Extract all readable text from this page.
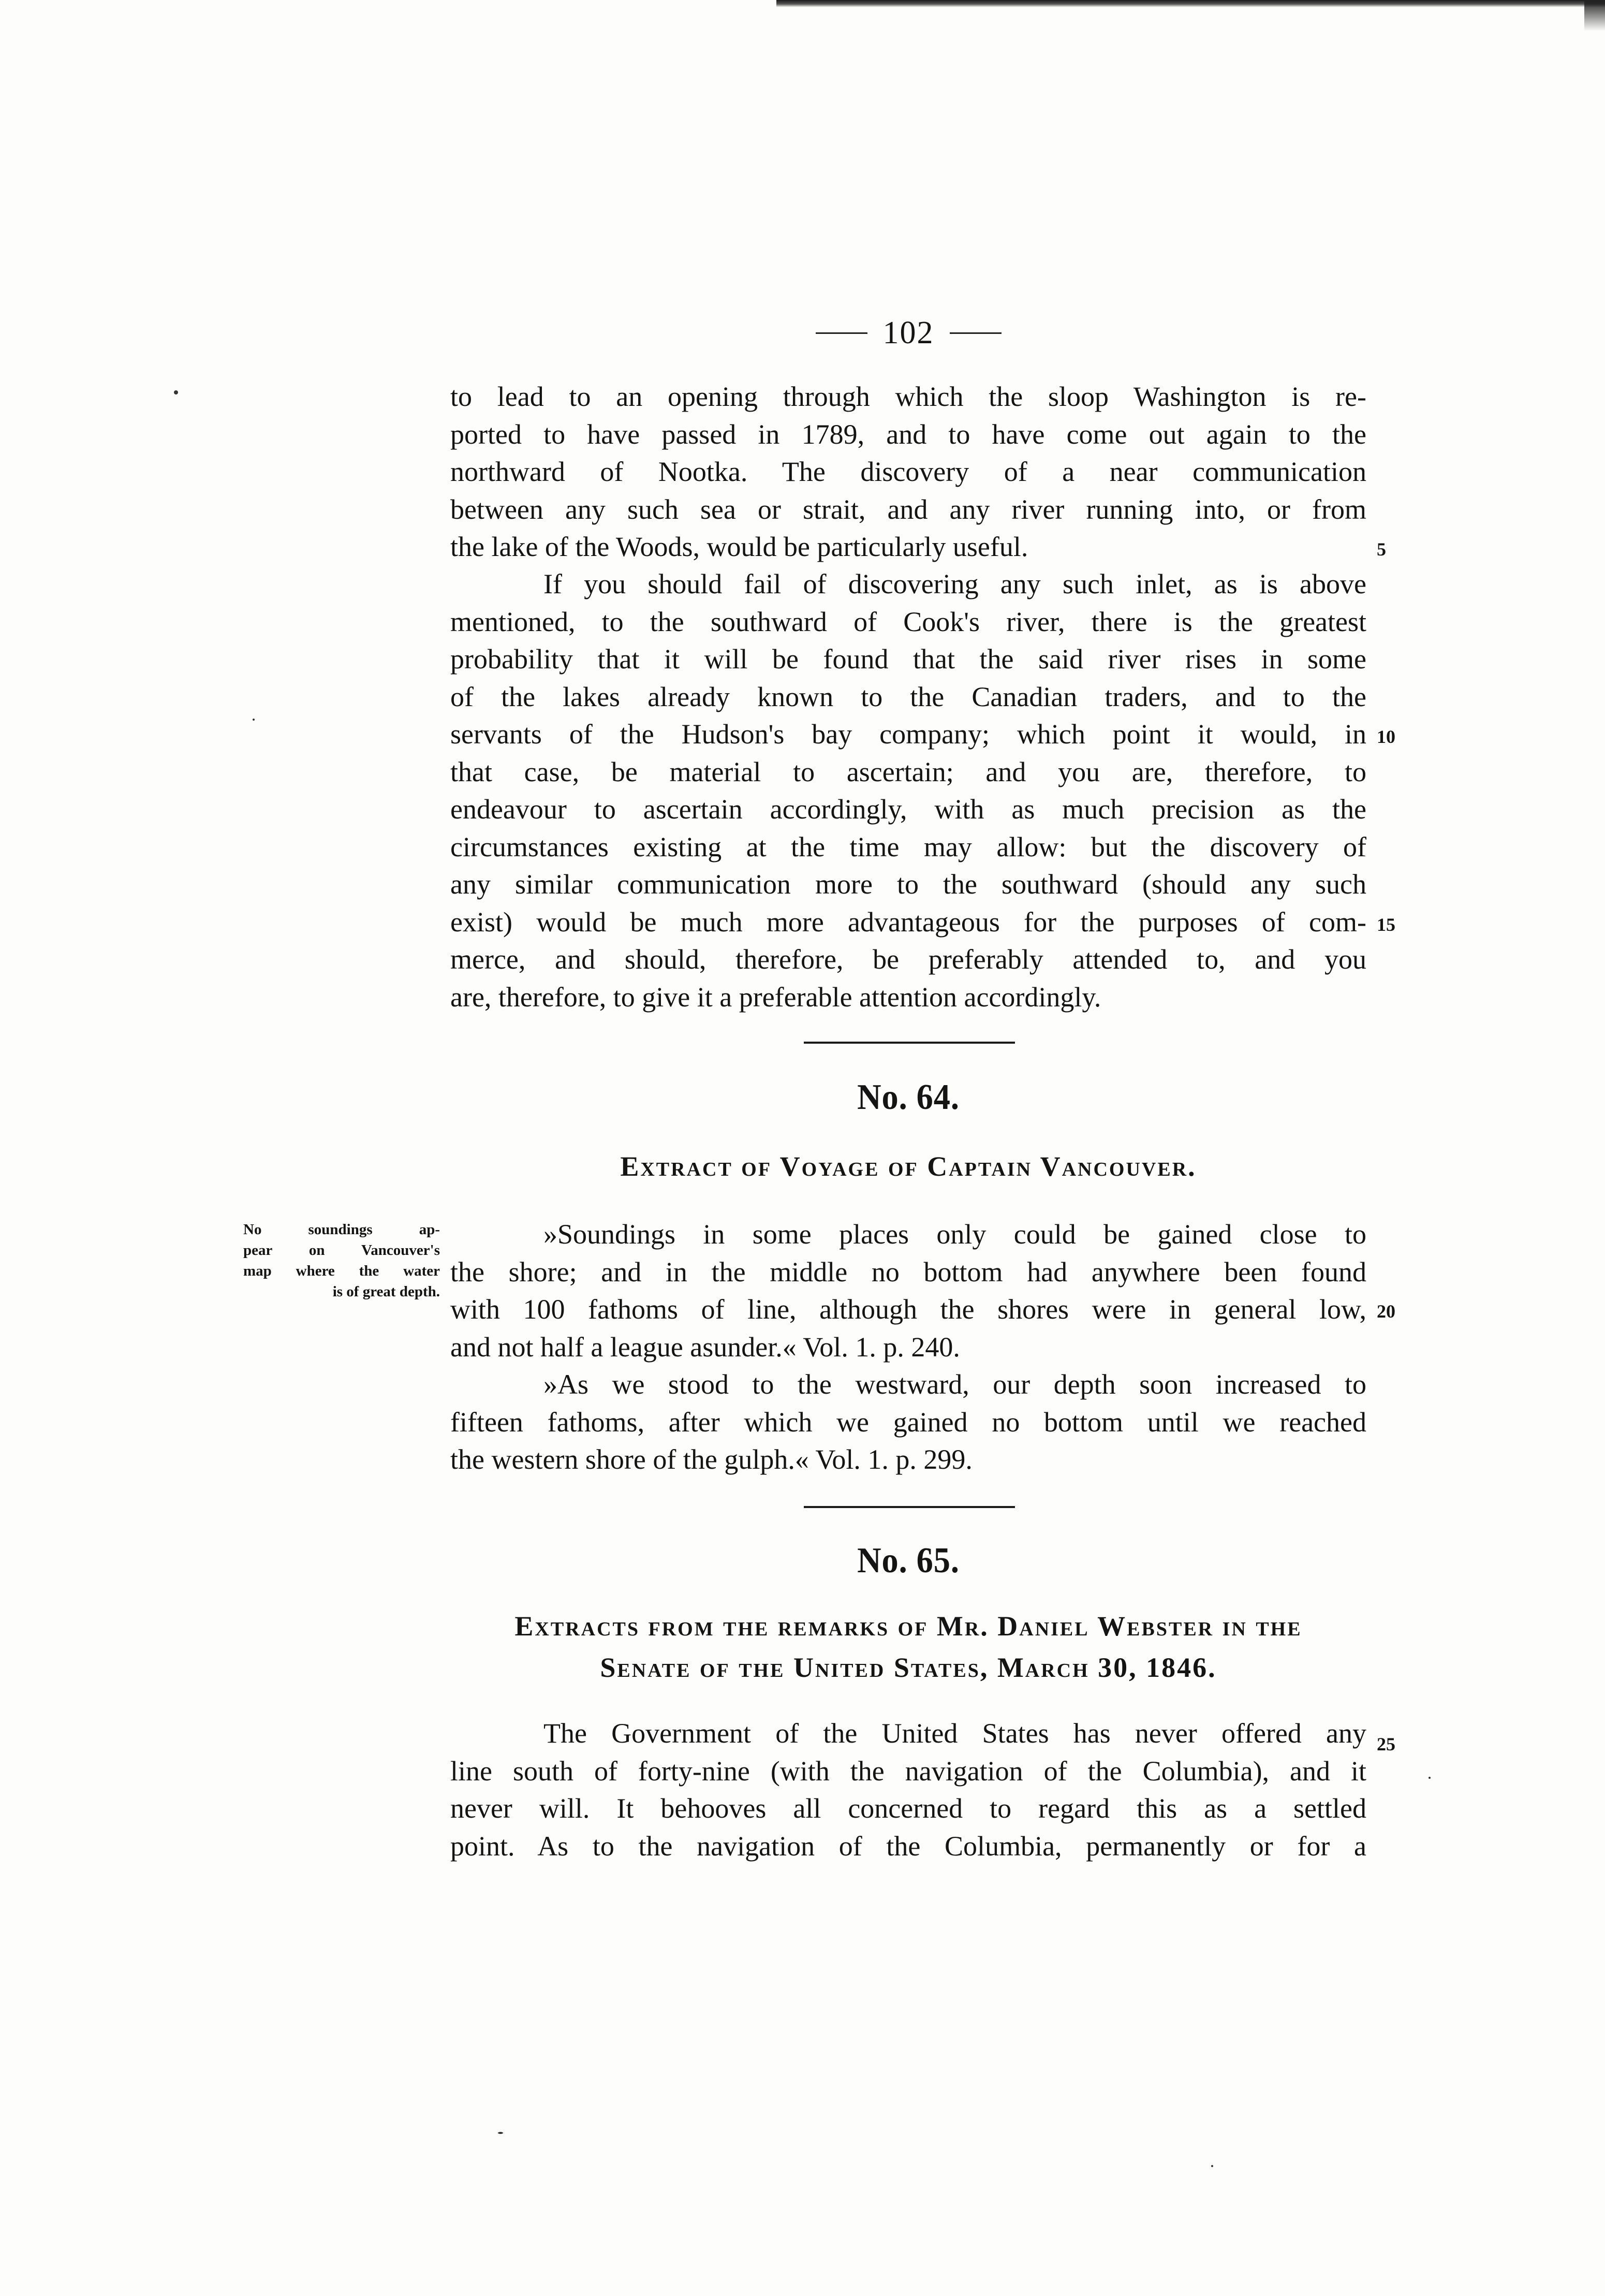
102

to lead to an opening through which the sloop Washington is re-
ported to have passed in 1789, and to have come out again to the
northward of Nootka. The discovery of a near communication
between any such sea or strait, and any river running into, or from
the lake of the Woods, would be particularly useful.

If you should fail of discovering any such inlet, as is above
mentioned, to the southward of Cook's river, there is the greatest
probability that it will be found that the said river rises in some
of the lakes already known to the Canadian traders, and to the
servants of the Hudson's bay company; which point it would, in
that case, be material to ascertain; and you are, therefore, to
endeavour to ascertain accordingly, with as much precision as the
circumstances existing at the time may allow: but the discovery of
any similar communication more to the southward (should any such
exist) would be much more advantageous for the purposes of com-
merce, and should, therefore, be preferably attended to, and you
are, therefore, to give it a preferable attention accordingly.

5
10
15
20
25
No. 64.
Extract of Voyage of Captain Vancouver.
No soundings ap-
pear on Vancouver's
map where the water
is of great depth.

»Soundings in some places only could be gained close to
the shore; and in the middle no bottom had anywhere been found
with 100 fathoms of line, although the shores were in general low,
and not half a league asunder.« Vol. 1. p. 240.

»As we stood to the westward, our depth soon increased to
fifteen fathoms, after which we gained no bottom until we reached
the western shore of the gulph.« Vol. 1. p. 299.

No. 65.
Extracts from the remarks of Mr. Daniel Webster in the
Senate of the United States, March 30, 1846.

The Government of the United States has never offered any
line south of forty-nine (with the navigation of the Columbia), and it
never will. It behooves all concerned to regard this as a settled
point. As to the navigation of the Columbia, permanently or for a
